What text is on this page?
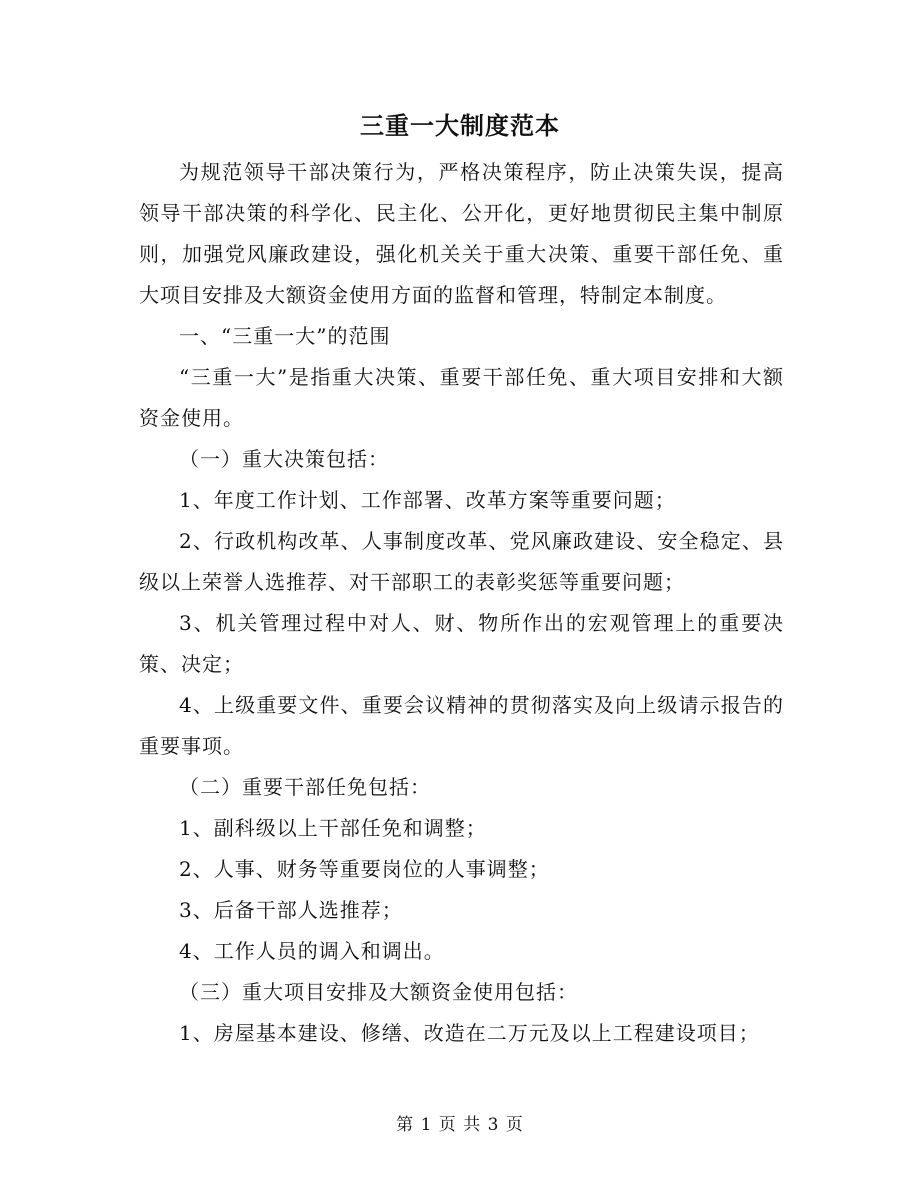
三重一大制度范本

为规范领导干部决策行为，严格决策程序，防止决策失误，提高领导干部决策的科学化、民主化、公开化，更好地贯彻民主集中制原则，加强党风廉政建设，强化机关关于重大决策、重要干部任免、重大项目安排及大额资金使用方面的监督和管理，特制定本制度。

一、“三重一大”的范围

“三重一大”是指重大决策、重要干部任免、重大项目安排和大额资金使用。

（一）重大决策包括：

1、年度工作计划、工作部署、改革方案等重要问题；

2、行政机构改革、人事制度改革、党风廉政建设、安全稳定、县级以上荣誉人选推荐、对干部职工的表彰奖惩等重要问题；

3、机关管理过程中对人、财、物所作出的宏观管理上的重要决策、决定；

4、上级重要文件、重要会议精神的贯彻落实及向上级请示报告的重要事项。

（二）重要干部任免包括：

1、副科级以上干部任免和调整；

2、人事、财务等重要岗位的人事调整；

3、后备干部人选推荐；

4、工作人员的调入和调出。

（三）重大项目安排及大额资金使用包括：

1、房屋基本建设、修缮、改造在二万元及以上工程建设项目；

第 1 页 共 3 页
